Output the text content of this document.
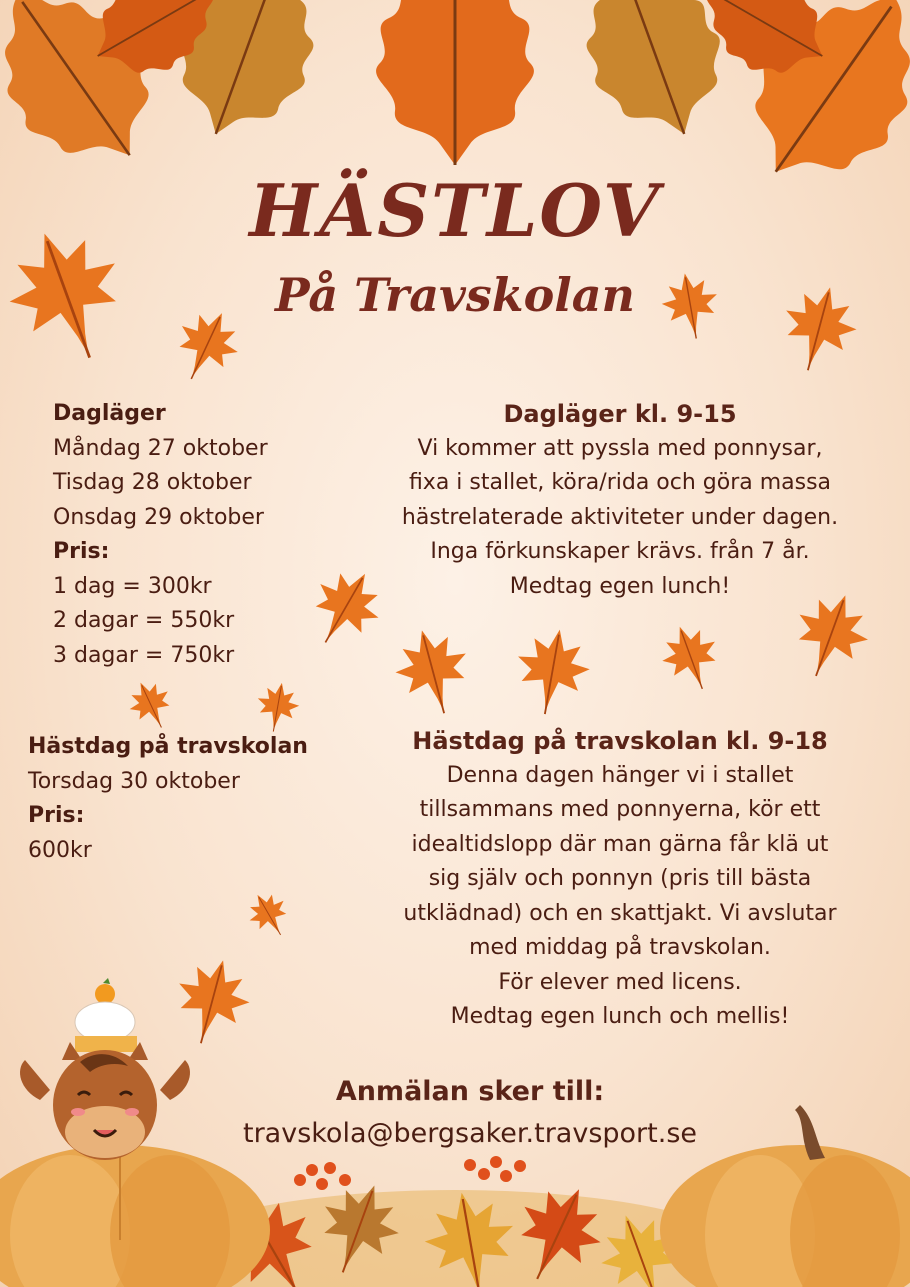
HÄSTLOV
På Travskolan
Dagläger
Måndag 27 oktober
Tisdag 28 oktober
Onsdag 29 oktober
Pris:
1 dag = 300kr
2 dagar = 550kr
3 dagar = 750kr
Dagläger kl. 9-15
Vi kommer att pyssla med ponnysar,
fixa i stallet, köra/rida och göra massa
hästrelaterade aktiviteter under dagen.
Inga förkunskaper krävs. från 7 år.
Medtag egen lunch!
Hästdag på travskolan
Torsdag 30 oktober
Pris:
600kr
Hästdag på travskolan kl. 9-18
Denna dagen hänger vi i stallet
tillsammans med ponnyerna, kör ett
idealtidslopp där man gärna får klä ut
sig själv och ponnyn (pris till bästa
utklädnad) och en skattjakt. Vi avslutar
med middag på travskolan.
För elever med licens.
Medtag egen lunch och mellis!
Anmälan sker till:
travskola@bergsaker.travsport.se
